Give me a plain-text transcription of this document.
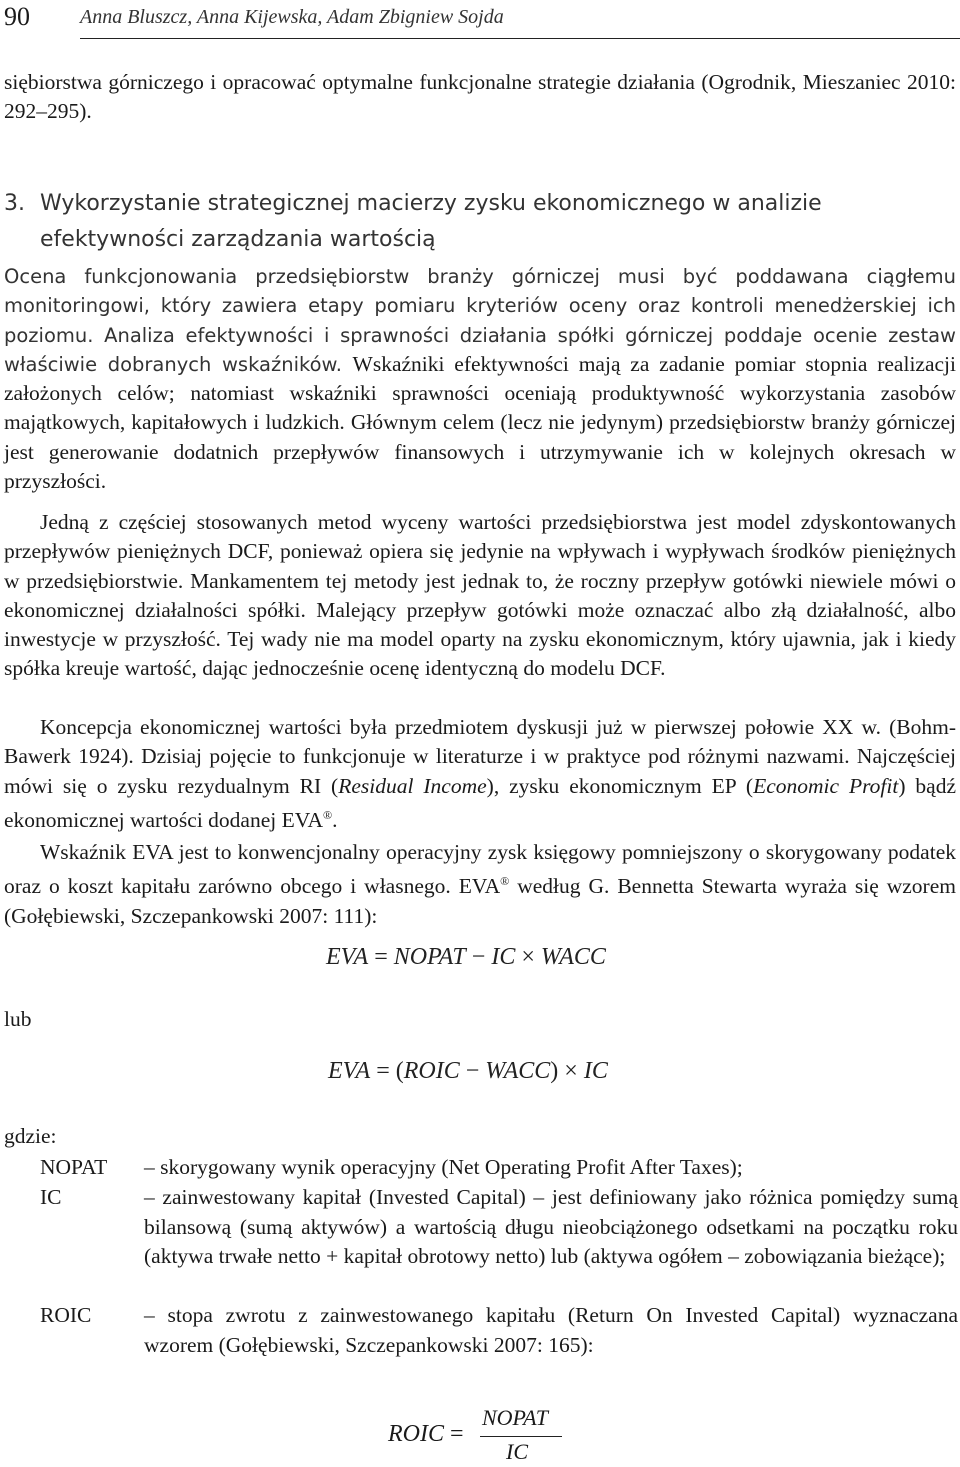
90	Anna Bluszcz, Anna Kijewska, Adam Zbigniew Sojda

siębiorstwa górniczego i opracować optymalne funkcjonalne strategie działania (Ogrodnik, Mieszaniec 2010: 292–295).

3. Wykorzystanie strategicznej macierzy zysku ekonomicznego w analizie
efektywności zarządzania wartością

Ocena funkcjonowania przedsiębiorstw branży górniczej musi być poddawana ciągłemu monitoringowi, który zawiera etapy pomiaru kryteriów oceny oraz kontroli menedżerskiej ich poziomu. Analiza efektywności i sprawności działania spółki górniczej poddaje ocenie zestaw właściwie dobranych wskaźników. Wskaźniki efektywności mają za zadanie pomiar stopnia realizacji założonych celów; natomiast wskaźniki sprawności oceniają produktywność wykorzystania zasobów majątkowych, kapitałowych i ludzkich. Głównym celem (lecz nie jedynym) przedsiębiorstw branży górniczej jest generowanie dodatnich przepływów finansowych i utrzymywanie ich w kolejnych okresach w przyszłości.

Jedną z częściej stosowanych metod wyceny wartości przedsiębiorstwa jest model zdyskontowanych przepływów pieniężnych DCF, ponieważ opiera się jedynie na wpływach i wypływach środków pieniężnych w przedsiębiorstwie. Mankamentem tej metody jest jednak to, że roczny przepływ gotówki niewiele mówi o ekonomicznej działalności spółki. Malejący przepływ gotówki może oznaczać albo złą działalność, albo inwestycje w przyszłość. Tej wady nie ma model oparty na zysku ekonomicznym, który ujawnia, jak i kiedy spółka kreuje wartość, dając jednocześnie ocenę identyczną do modelu DCF.

Koncepcja ekonomicznej wartości była przedmiotem dyskusji już w pierwszej połowie XX w. (Bohm-Bawerk 1924). Dzisiaj pojęcie to funkcjonuje w literaturze i w praktyce pod różnymi nazwami. Najczęściej mówi się o zysku rezydualnym RI (Residual Income), zysku ekonomicznym EP (Economic Profit) bądź ekonomicznej wartości dodanej EVA®.

Wskaźnik EVA jest to konwencjonalny operacyjny zysk księgowy pomniejszony o skorygowany podatek oraz o koszt kapitału zarówno obcego i własnego. EVA® według G. Bennetta Stewarta wyraża się wzorem (Gołębiewski, Szczepankowski 2007: 111):

EVA = NOPAT − IC × WACC
lub
EVA = (ROIC − WACC) × IC
gdzie:
NOPAT	– skorygowany wynik operacyjny (Net Operating Profit After Taxes);
IC	– zainwestowany kapitał (Invested Capital) – jest definiowany jako różnica pomiędzy sumą bilansową (sumą aktywów) a wartością długu nieobciążonego odsetkami na początku roku (aktywa trwałe netto + kapitał obrotowy netto) lub (aktywa ogółem – zobowiązania bieżące);
ROIC	– stopa zwrotu z zainwestowanego kapitału (Return On Invested Capital) wyznaczana wzorem (Gołębiewski, Szczepankowski 2007: 165):
ROIC =
NOPAT
IC
